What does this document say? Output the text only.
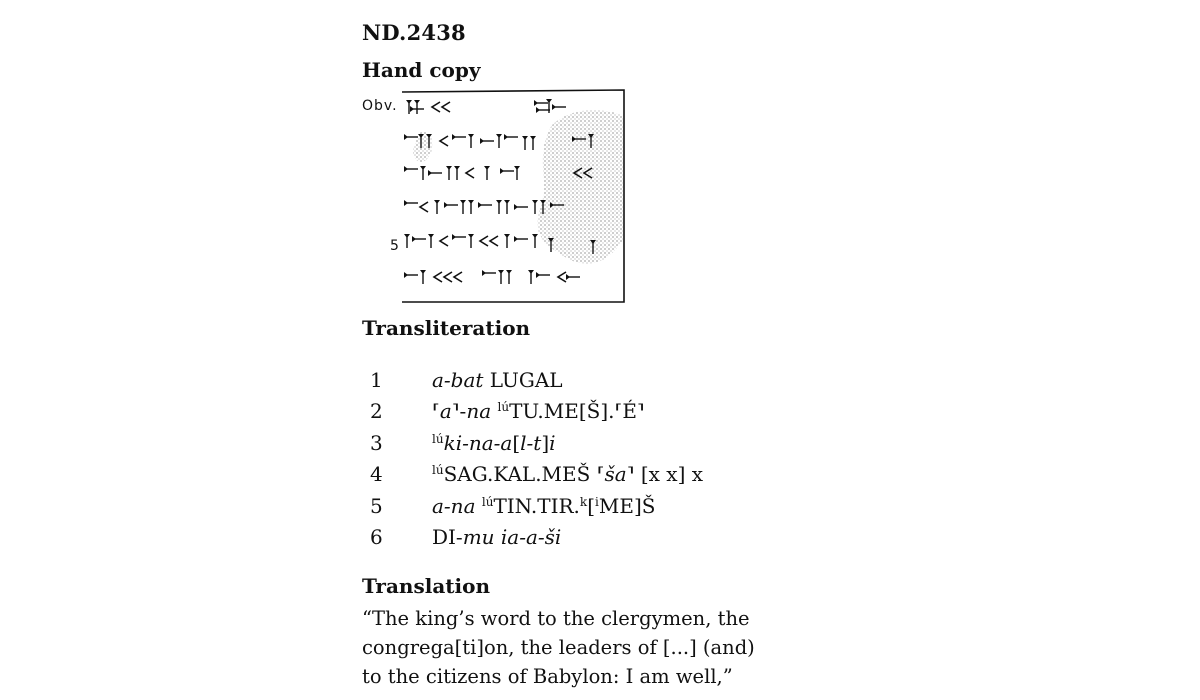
ND.2438
Hand copy
Obv.
5
Transliteration
1	a-bat LUGAL
2	⸢a⸣-na $^{lú}$TU.ME[Š].⸢É⸣
3	$^{lú}$ki-na-a[l-t]i
4	$^{lú}$SAG.KAL.MEŠ ⸢ša⸣ [x x] x
5	a-na $^{lú}$TIN.TIR.$^k$[$^i$ME]Š
6	DI-mu ia-a-ši
Translation

“The king’s word to the clergymen, the
congrega[ti]on, the leaders of [...] (and)
to the citizens of Babylon: I am well,”
